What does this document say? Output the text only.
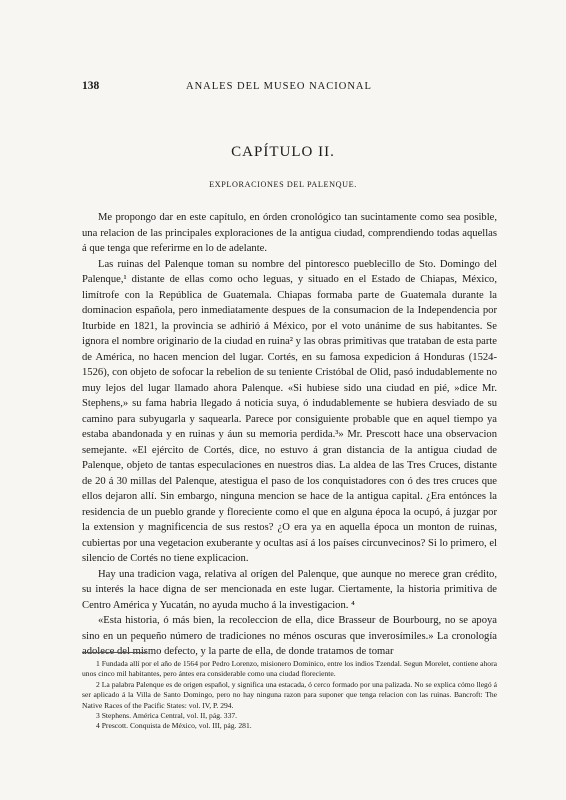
138	ANALES DEL MUSEO NACIONAL
CAPÍTULO II.
EXPLORACIONES DEL PALENQUE.

Me propongo dar en este capítulo, en órden cronológico tan sucintamente como sea posible, una relacion de las principales exploraciones de la antigua ciudad, comprendiendo todas aquellas á que tenga que referirme en lo de adelante.

Las ruinas del Palenque toman su nombre del pintoresco pueblecillo de Sto. Domingo del Palenque,¹ distante de ellas como ocho leguas, y situado en el Estado de Chiapas, México, limítrofe con la República de Guatemala. Chiapas formaba parte de Guatemala durante la dominacion española, pero inmediatamente despues de la consumacion de la Independencia por Iturbide en 1821, la provincia se adhirió á México, por el voto unánime de sus habitantes. Se ignora el nombre originario de la ciudad en ruina² y las obras primitivas que trataban de esta parte de América, no hacen mencion del lugar. Cortés, en su famosa expedicion á Honduras (1524-1526), con objeto de sofocar la rebelion de su teniente Cristóbal de Olid, pasó indudablemente no muy lejos del lugar llamado ahora Palenque. «Si hubiese sido una ciudad en pié, »dice Mr. Stephens,» su fama habria llegado á noticia suya, ó indudablemente se hubiera desviado de su camino para subyugarla y saquearla. Parece por consiguiente probable que en aquel tiempo ya estaba abandonada y en ruinas y áun su memoria perdida.³» Mr. Prescott hace una observacion semejante. «El ejército de Cortés, dice, no estuvo á gran distancia de la antigua ciudad de Palenque, objeto de tantas especulaciones en nuestros dias. La aldea de las Tres Cruces, distante de 20 á 30 millas del Palenque, atestigua el paso de los conquistadores con ó des tres cruces que ellos dejaron allí. Sin embargo, ninguna mencion se hace de la antigua capital. ¿Era entónces la residencia de un pueblo grande y floreciente como el que en alguna época la ocupó, á juzgar por la extension y magnificencia de sus restos? ¿O era ya en aquella época un monton de ruinas, cubiertas por una vegetacion exuberante y ocultas así á los países circunvecinos? Si lo primero, el silencio de Cortés no tiene explicacion.

Hay una tradicion vaga, relativa al orígen del Palenque, que aunque no merece gran crédito, su interés la hace digna de ser mencionada en este lugar. Ciertamente, la historia primitiva de Centro América y Yucatán, no ayuda mucho á la investigacion. ⁴

«Esta historia, ó más bien, la recoleccion de ella, dice Brasseur de Bourbourg, no se apoya sino en un pequeño número de tradiciones no ménos oscuras que inverosímiles.» La cronología adolece del mismo defecto, y la parte de ella, de donde tratamos de tomar

1 Fundada allí por el año de 1564 por Pedro Lorenzo, misionero Dominico, entre los indios Tzendal. Segun Morelet, contiene ahora unos cinco mil habitantes, pero ántes era considerable como una ciudad floreciente.

2 La palabra Palenque es de origen español, y significa una estacada, ó cerco formado por una palizada. No se explica cómo llegó á ser aplicado á la Villa de Santo Domingo, pero no hay ninguna razon para suponer que tenga relacion con las ruinas. Bancroft: The Native Races of the Pacific States: vol. IV, P. 294.

3 Stephens. América Central, vol. II, pág. 337.

4 Prescott. Conquista de México, vol. III, pág. 281.
